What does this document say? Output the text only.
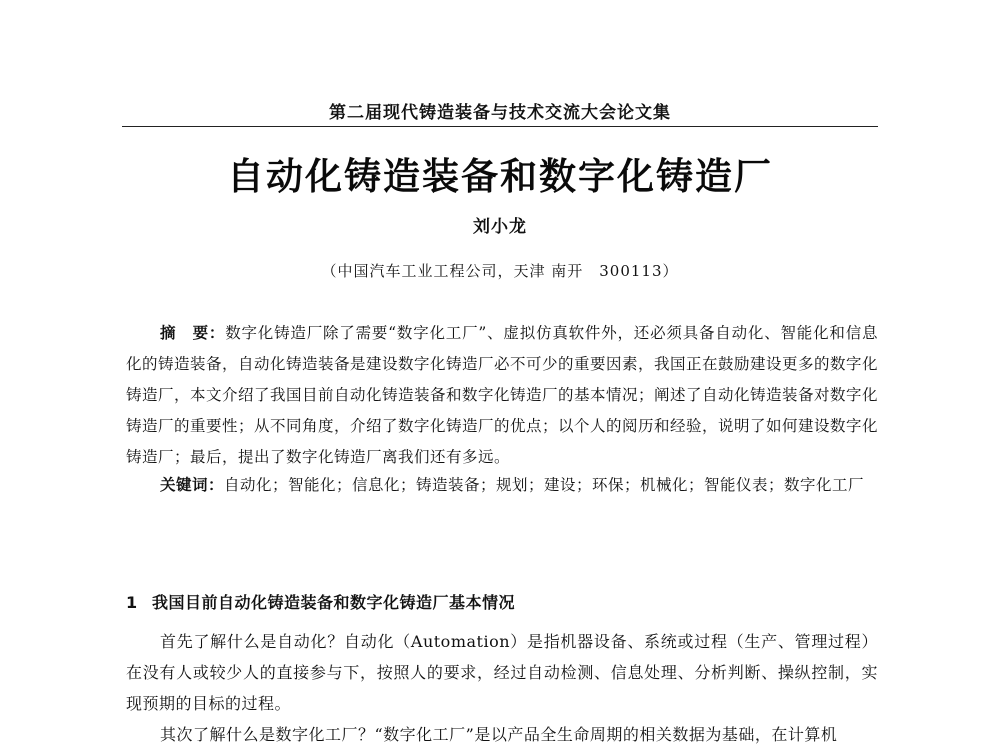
第二届现代铸造装备与技术交流大会论文集
自动化铸造装备和数字化铸造厂
刘小龙
（中国汽车工业工程公司，天津 南开　300113）

摘　要：数字化铸造厂除了需要“数字化工厂”、虚拟仿真软件外，还必须具备自动化、智能化和信息化的铸造装备，自动化铸造装备是建设数字化铸造厂必不可少的重要因素，我国正在鼓励建设更多的数字化铸造厂，本文介绍了我国目前自动化铸造装备和数字化铸造厂的基本情况；阐述了自动化铸造装备对数字化铸造厂的重要性；从不同角度，介绍了数字化铸造厂的优点；以个人的阅历和经验，说明了如何建设数字化铸造厂；最后，提出了数字化铸造厂离我们还有多远。

关键词：自动化；智能化；信息化；铸造装备；规划；建设；环保；机械化；智能仪表；数字化工厂

1 我国目前自动化铸造装备和数字化铸造厂基本情况

首先了解什么是自动化？自动化（Automation）是指机器设备、系统或过程（生产、管理过程）在没有人或较少人的直接参与下，按照人的要求，经过自动检测、信息处理、分析判断、操纵控制，实现预期的目标的过程。

其次了解什么是数字化工厂？“数字化工厂”是以产品全生命周期的相关数据为基础，在计算机
